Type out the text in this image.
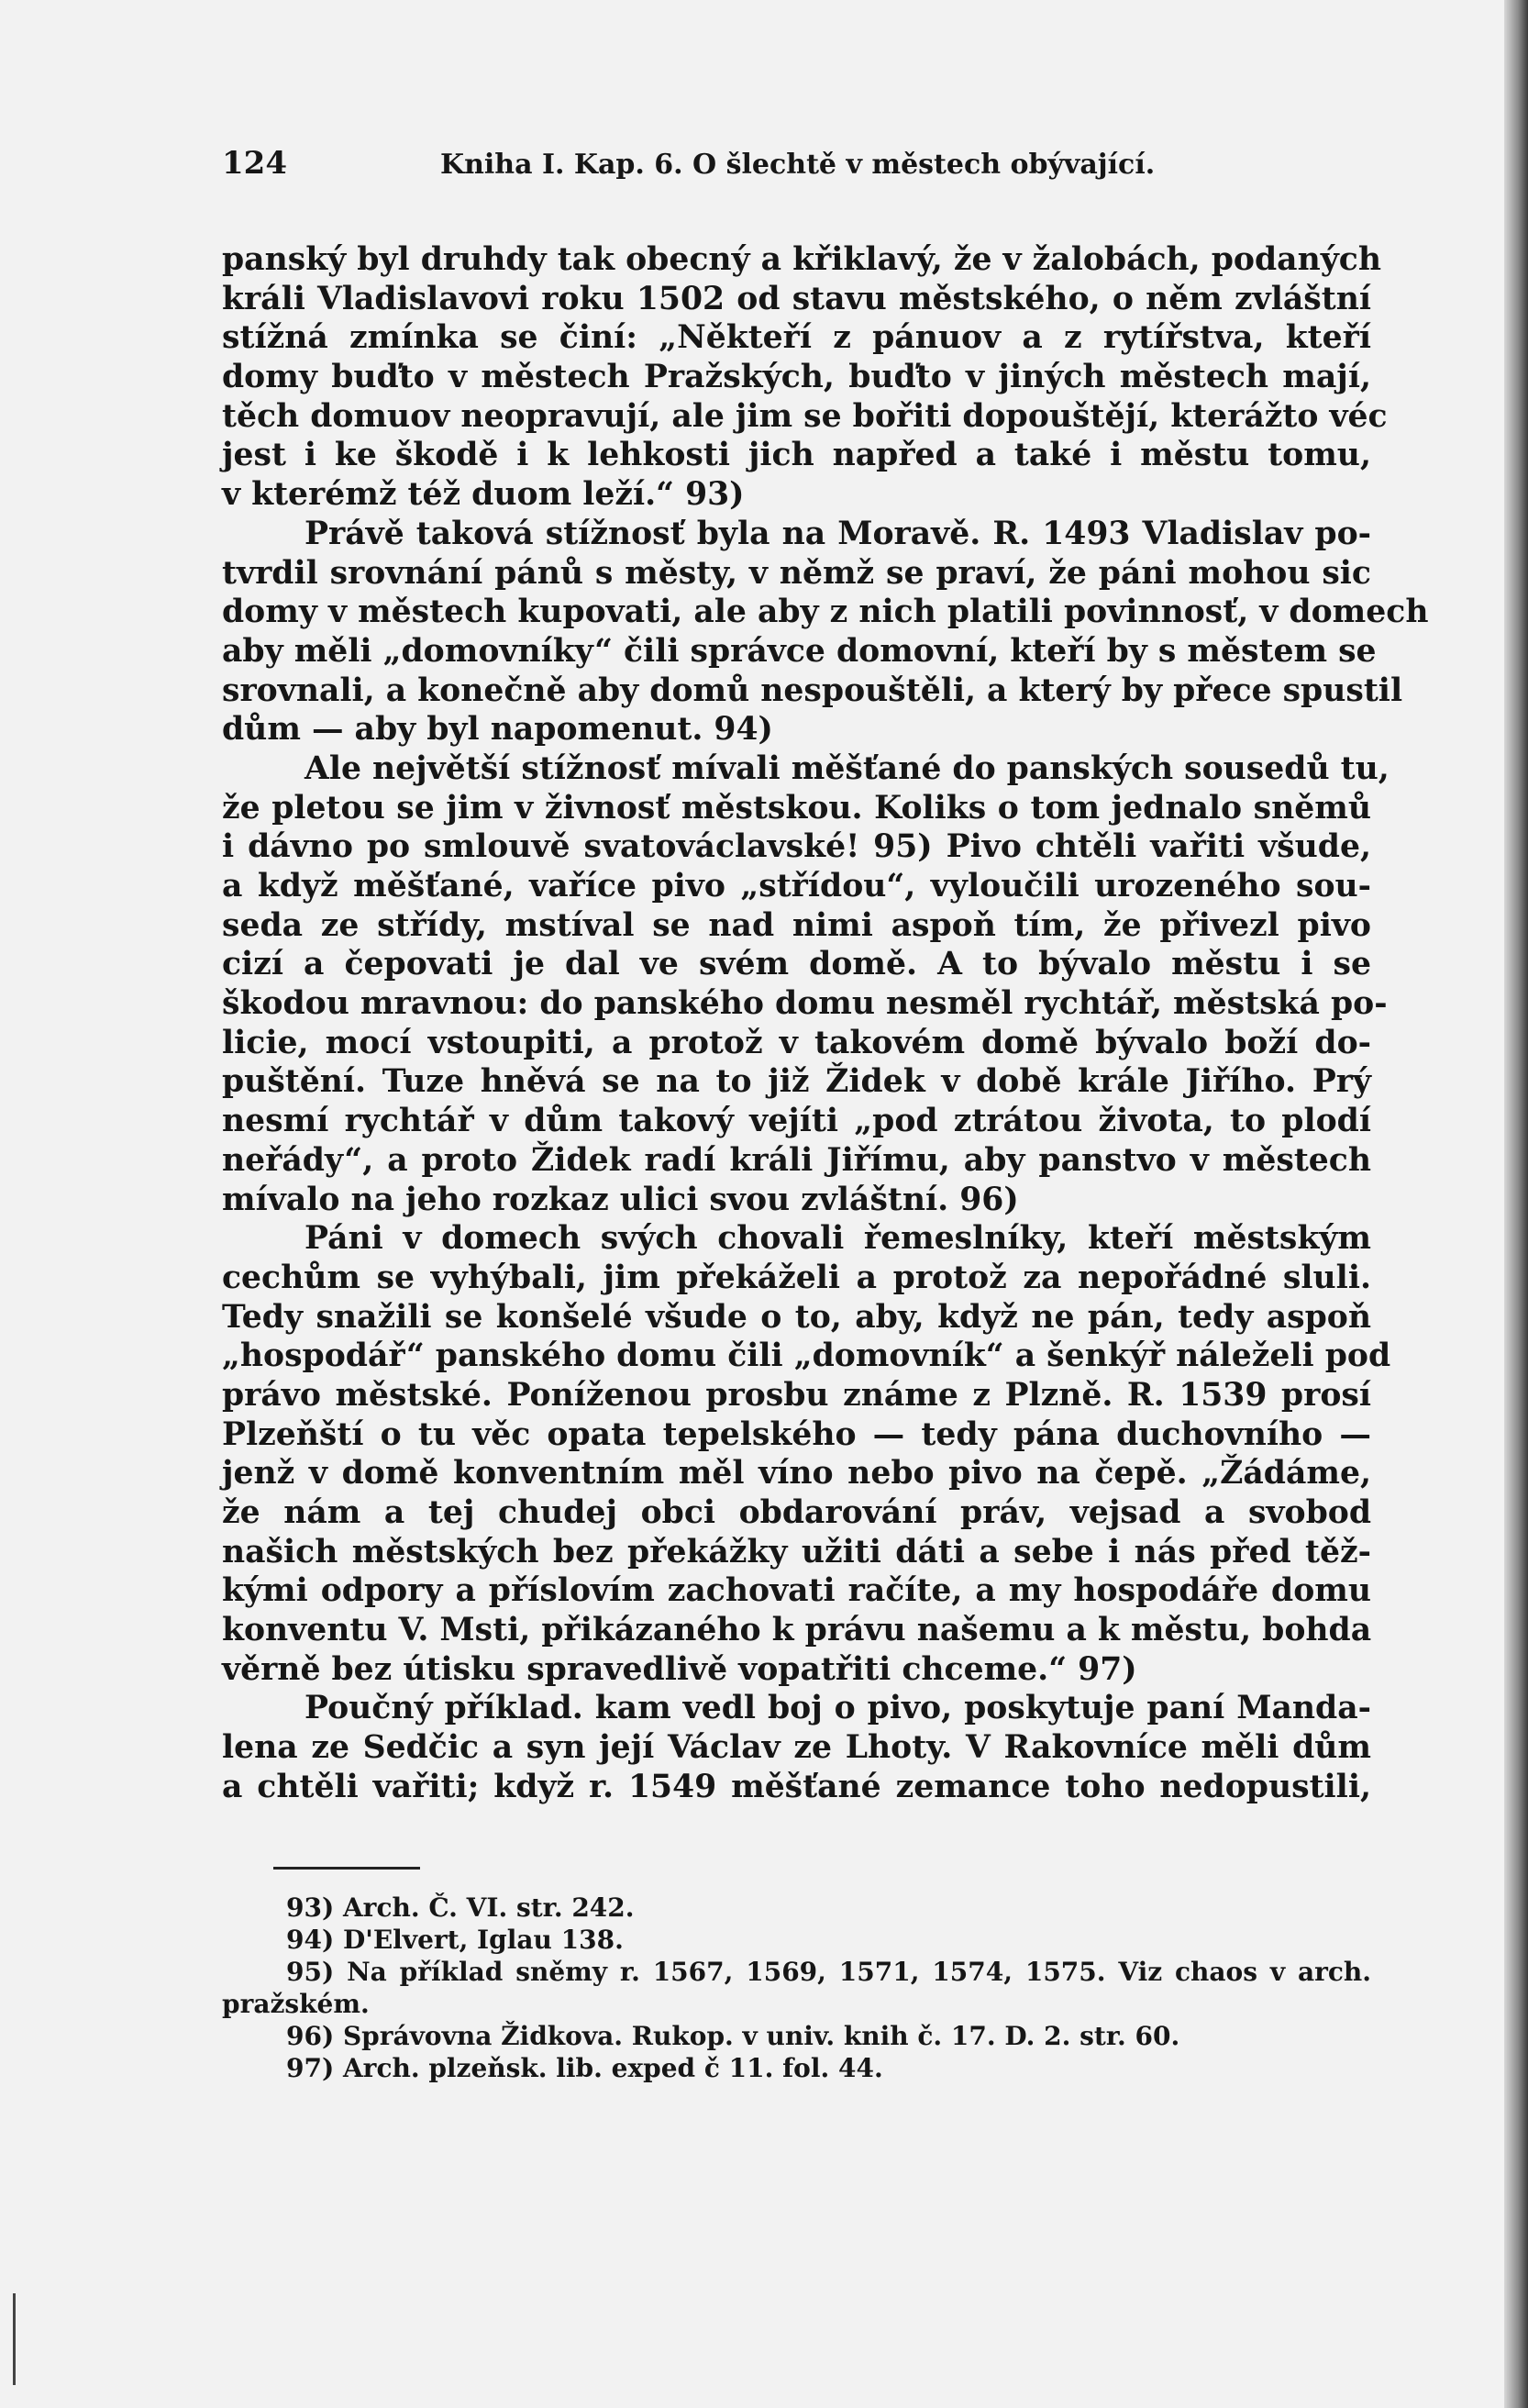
124	Kniha I. Kap. 6. O šlechtě v městech obývající.
panský byl druhdy tak obecný a křiklavý, že v žalobách, podaných
králi Vladislavovi roku 1502 od stavu městského, o něm zvláštní
stížná zmínka se činí: „Někteří z pánuov a z rytířstva, kteří
domy buďto v městech Pražských, buďto v jiných městech mají,
těch domuov neopravují, ale jim se bořiti dopouštějí, kterážto véc
jest i ke škodě i k lehkosti jich napřed a také i městu tomu,
v kterémž též duom leží.“ 93)
Právě taková stížnosť byla na Moravě. R. 1493 Vladislav po-
tvrdil srovnání pánů s městy, v němž se praví, že páni mohou sic
domy v městech kupovati, ale aby z nich platili povinnosť, v domech
aby měli „domovníky“ čili správce domovní, kteří by s městem se
srovnali, a konečně aby domů nespouštěli, a který by přece spustil
dům — aby byl napomenut. 94)
Ale největší stížnosť mívali měšťané do panských sousedů tu,
že pletou se jim v živnosť městskou. Koliks o tom jednalo sněmů
i dávno po smlouvě svatováclavské! 95) Pivo chtěli vařiti všude,
a když měšťané, vaříce pivo „střídou“, vyloučili urozeného sou-
seda ze střídy, mstíval se nad nimi aspoň tím, že přivezl pivo
cizí a čepovati je dal ve svém domě. A to bývalo městu i se
škodou mravnou: do panského domu nesměl rychtář, městská po-
licie, mocí vstoupiti, a protož v takovém domě bývalo boží do-
puštění. Tuze hněvá se na to již Židek v době krále Jiřího. Prý
nesmí rychtář v dům takový vejíti „pod ztrátou života, to plodí
neřády“, a proto Židek radí králi Jiřímu, aby panstvo v městech
mívalo na jeho rozkaz ulici svou zvláštní. 96)
Páni v domech svých chovali řemeslníky, kteří městským
cechům se vyhýbali, jim překáželi a protož za nepořádné sluli.
Tedy snažili se konšelé všude o to, aby, když ne pán, tedy aspoň
„hospodář“ panského domu čili „domovník“ a šenkýř náleželi pod
právo městské. Poníženou prosbu známe z Plzně. R. 1539 prosí
Plzeňští o tu věc opata tepelského — tedy pána duchovního —
jenž v domě konventním měl víno nebo pivo na čepě. „Žádáme,
že nám a tej chudej obci obdarování práv, vejsad a svobod
našich městských bez překážky užiti dáti a sebe i nás před těž-
kými odpory a příslovím zachovati račíte, a my hospodáře domu
konventu V. Msti, přikázaného k právu našemu a k městu, bohda
věrně bez útisku spravedlivě vopatřiti chceme.“ 97)
Poučný příklad. kam vedl boj o pivo, poskytuje paní Manda-
lena ze Sedčic a syn její Václav ze Lhoty. V Rakovníce měli dům
a chtěli vařiti; když r. 1549 měšťané zemance toho nedopustili,
93) Arch. Č. VI. str. 242.
94) D'Elvert, Iglau 138.
95) Na příklad sněmy r. 1567, 1569, 1571, 1574, 1575. Viz chaos v arch.
pražském.
96) Správovna Židkova. Rukop. v univ. knih č. 17. D. 2. str. 60.
97) Arch. plzeňsk. lib. exped č 11. fol. 44.
